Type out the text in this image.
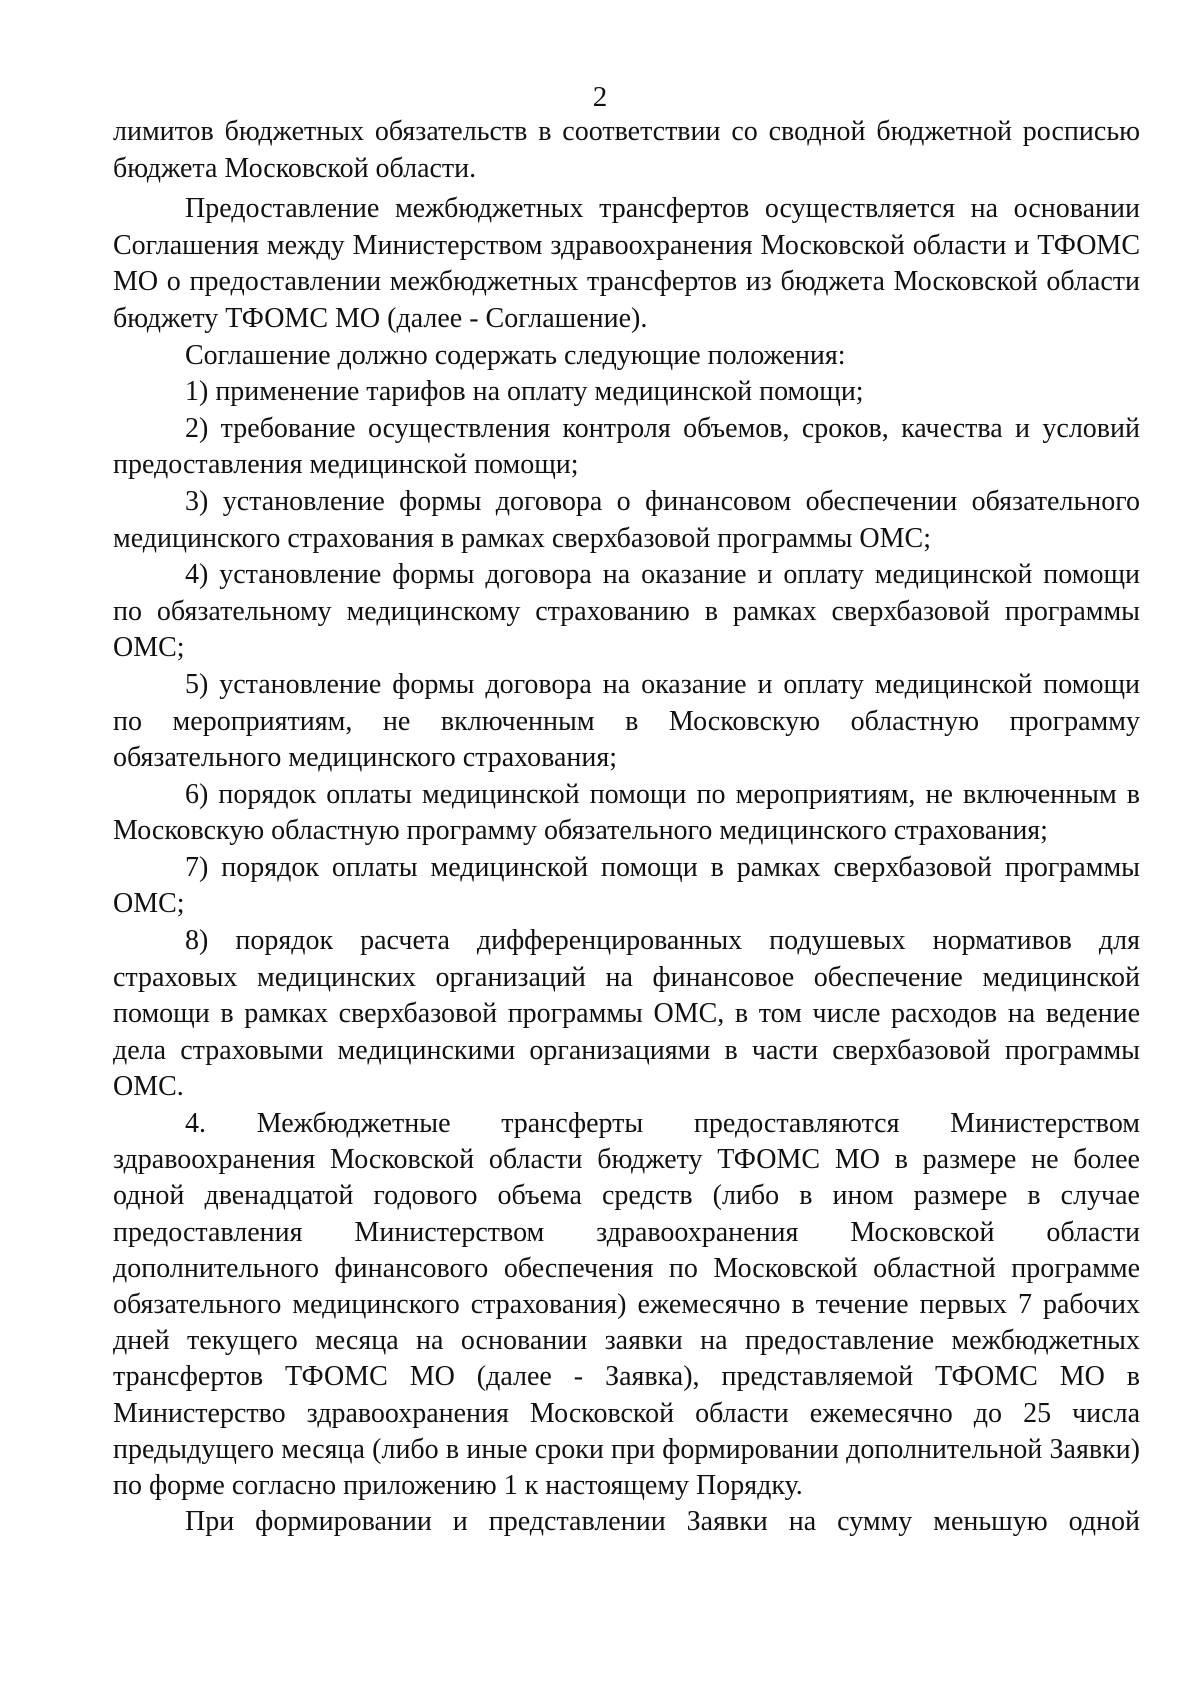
2

лимитов бюджетных обязательств в соответствии со сводной бюджетной росписью бюджета Московской области.

Предоставление межбюджетных трансфертов осуществляется на основании Соглашения между Министерством здравоохранения Московской области и ТФОМС МО о предоставлении межбюджетных трансфертов из бюджета Московской области бюджету ТФОМС МО (далее - Соглашение).

Соглашение должно содержать следующие положения:

1) применение тарифов на оплату медицинской помощи;

2) требование осуществления контроля объемов, сроков, качества и условий предоставления медицинской помощи;

3) установление формы договора о финансовом обеспечении обязательного медицинского страхования в рамках сверхбазовой программы ОМС;

4) установление формы договора на оказание и оплату медицинской помощи по обязательному медицинскому страхованию в рамках сверхбазовой программы ОМС;

5) установление формы договора на оказание и оплату медицинской помощи по мероприятиям, не включенным в Московскую областную программу обязательного медицинского страхования;

6) порядок оплаты медицинской помощи по мероприятиям, не включенным в Московскую областную программу обязательного медицинского страхования;

7) порядок оплаты медицинской помощи в рамках сверхбазовой программы ОМС;

8) порядок расчета дифференцированных подушевых нормативов для страховых медицинских организаций на финансовое обеспечение медицинской помощи в рамках сверхбазовой программы ОМС, в том числе расходов на ведение дела страховыми медицинскими организациями в части сверхбазовой программы ОМС.

4. Межбюджетные трансферты предоставляются Министерством здравоохранения Московской области бюджету ТФОМС МО в размере не более одной двенадцатой годового объема средств (либо в ином размере в случае предоставления Министерством здравоохранения Московской области дополнительного финансового обеспечения по Московской областной программе обязательного медицинского страхования) ежемесячно в течение первых 7 рабочих дней текущего месяца на основании заявки на предоставление межбюджетных трансфертов ТФОМС МО (далее - Заявка), представляемой ТФОМС МО в Министерство здравоохранения Московской области ежемесячно до 25 числа предыдущего месяца (либо в иные сроки при формировании дополнительной Заявки) по форме согласно приложению 1 к настоящему Порядку.

При формировании и представлении Заявки на сумму меньшую одной
